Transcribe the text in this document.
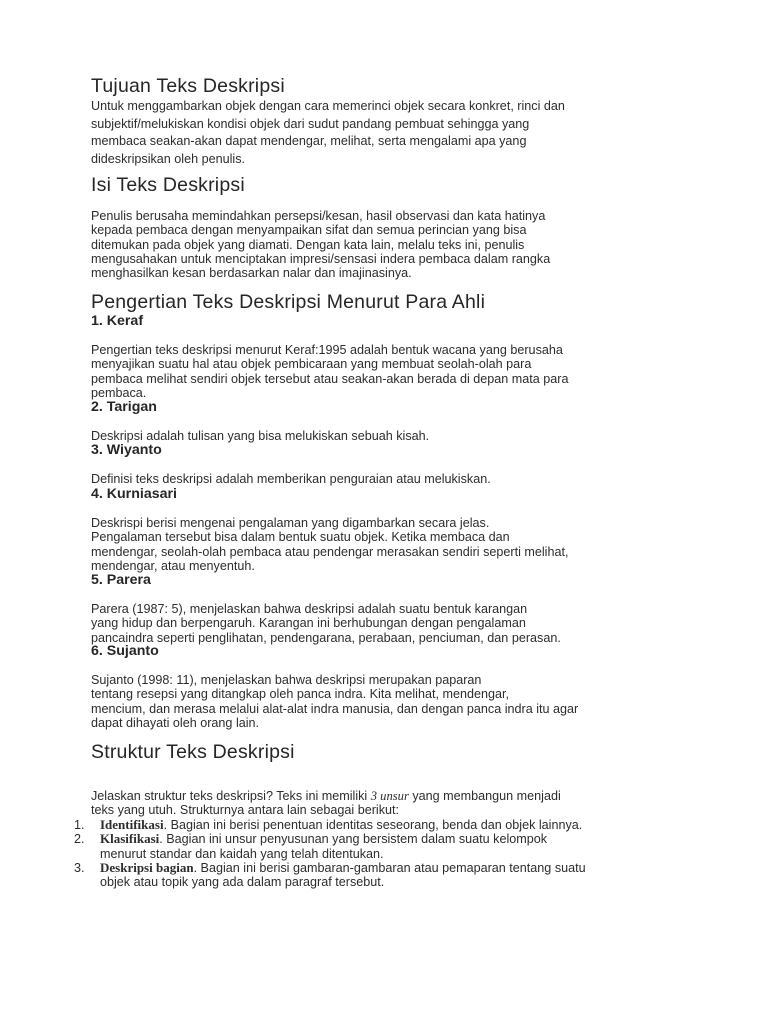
Tujuan Teks Deskripsi
Untuk menggambarkan objek dengan cara memerinci objek secara konkret, rinci dan
subjektif/melukiskan kondisi objek dari sudut pandang pembuat sehingga yang
membaca seakan-akan dapat mendengar, melihat, serta mengalami apa yang
dideskripsikan oleh penulis.
Isi Teks Deskripsi
Penulis berusaha memindahkan persepsi/kesan, hasil observasi dan kata hatinya
kepada pembaca dengan menyampaikan sifat dan semua perincian yang bisa
ditemukan pada objek yang diamati. Dengan kata lain, melalu teks ini, penulis
mengusahakan untuk menciptakan impresi/sensasi indera pembaca dalam rangka
menghasilkan kesan berdasarkan nalar dan imajinasinya.
Pengertian Teks Deskripsi Menurut Para Ahli
1. Keraf
Pengertian teks deskripsi menurut Keraf:1995 adalah bentuk wacana yang berusaha
menyajikan suatu hal atau objek pembicaraan yang membuat seolah-olah para
pembaca melihat sendiri objek tersebut atau seakan-akan berada di depan mata para
pembaca.
2. Tarigan
Deskripsi adalah tulisan yang bisa melukiskan sebuah kisah.
3. Wiyanto
Definisi teks deskripsi adalah memberikan penguraian atau melukiskan.
4. Kurniasari
Deskrispi berisi mengenai pengalaman yang digambarkan secara jelas.
Pengalaman tersebut bisa dalam bentuk suatu objek. Ketika membaca dan
mendengar, seolah-olah pembaca atau pendengar merasakan sendiri seperti melihat,
mendengar, atau menyentuh.
5. Parera
Parera (1987: 5), menjelaskan bahwa deskripsi adalah suatu bentuk karangan
yang hidup dan berpengaruh. Karangan ini berhubungan dengan pengalaman
pancaindra seperti penglihatan, pendengarana, perabaan, penciuman, dan perasan.
6. Sujanto
Sujanto (1998: 11), menjelaskan bahwa deskripsi merupakan paparan
tentang resepsi yang ditangkap oleh panca indra. Kita melihat, mendengar,
mencium, dan merasa melalui alat-alat indra manusia, dan dengan panca indra itu agar
dapat dihayati oleh orang lain.
Struktur Teks Deskripsi
Jelaskan struktur teks deskripsi? Teks ini memiliki 3 unsur yang membangun menjadi
teks yang utuh. Strukturnya antara lain sebagai berikut:
1. Identifikasi. Bagian ini berisi penentuan identitas seseorang, benda dan objek lainnya.
2. Klasifikasi. Bagian ini unsur penyusunan yang bersistem dalam suatu kelompok
menurut standar dan kaidah yang telah ditentukan.
3. Deskripsi bagian. Bagian ini berisi gambaran-gambaran atau pemaparan tentang suatu
objek atau topik yang ada dalam paragraf tersebut.
